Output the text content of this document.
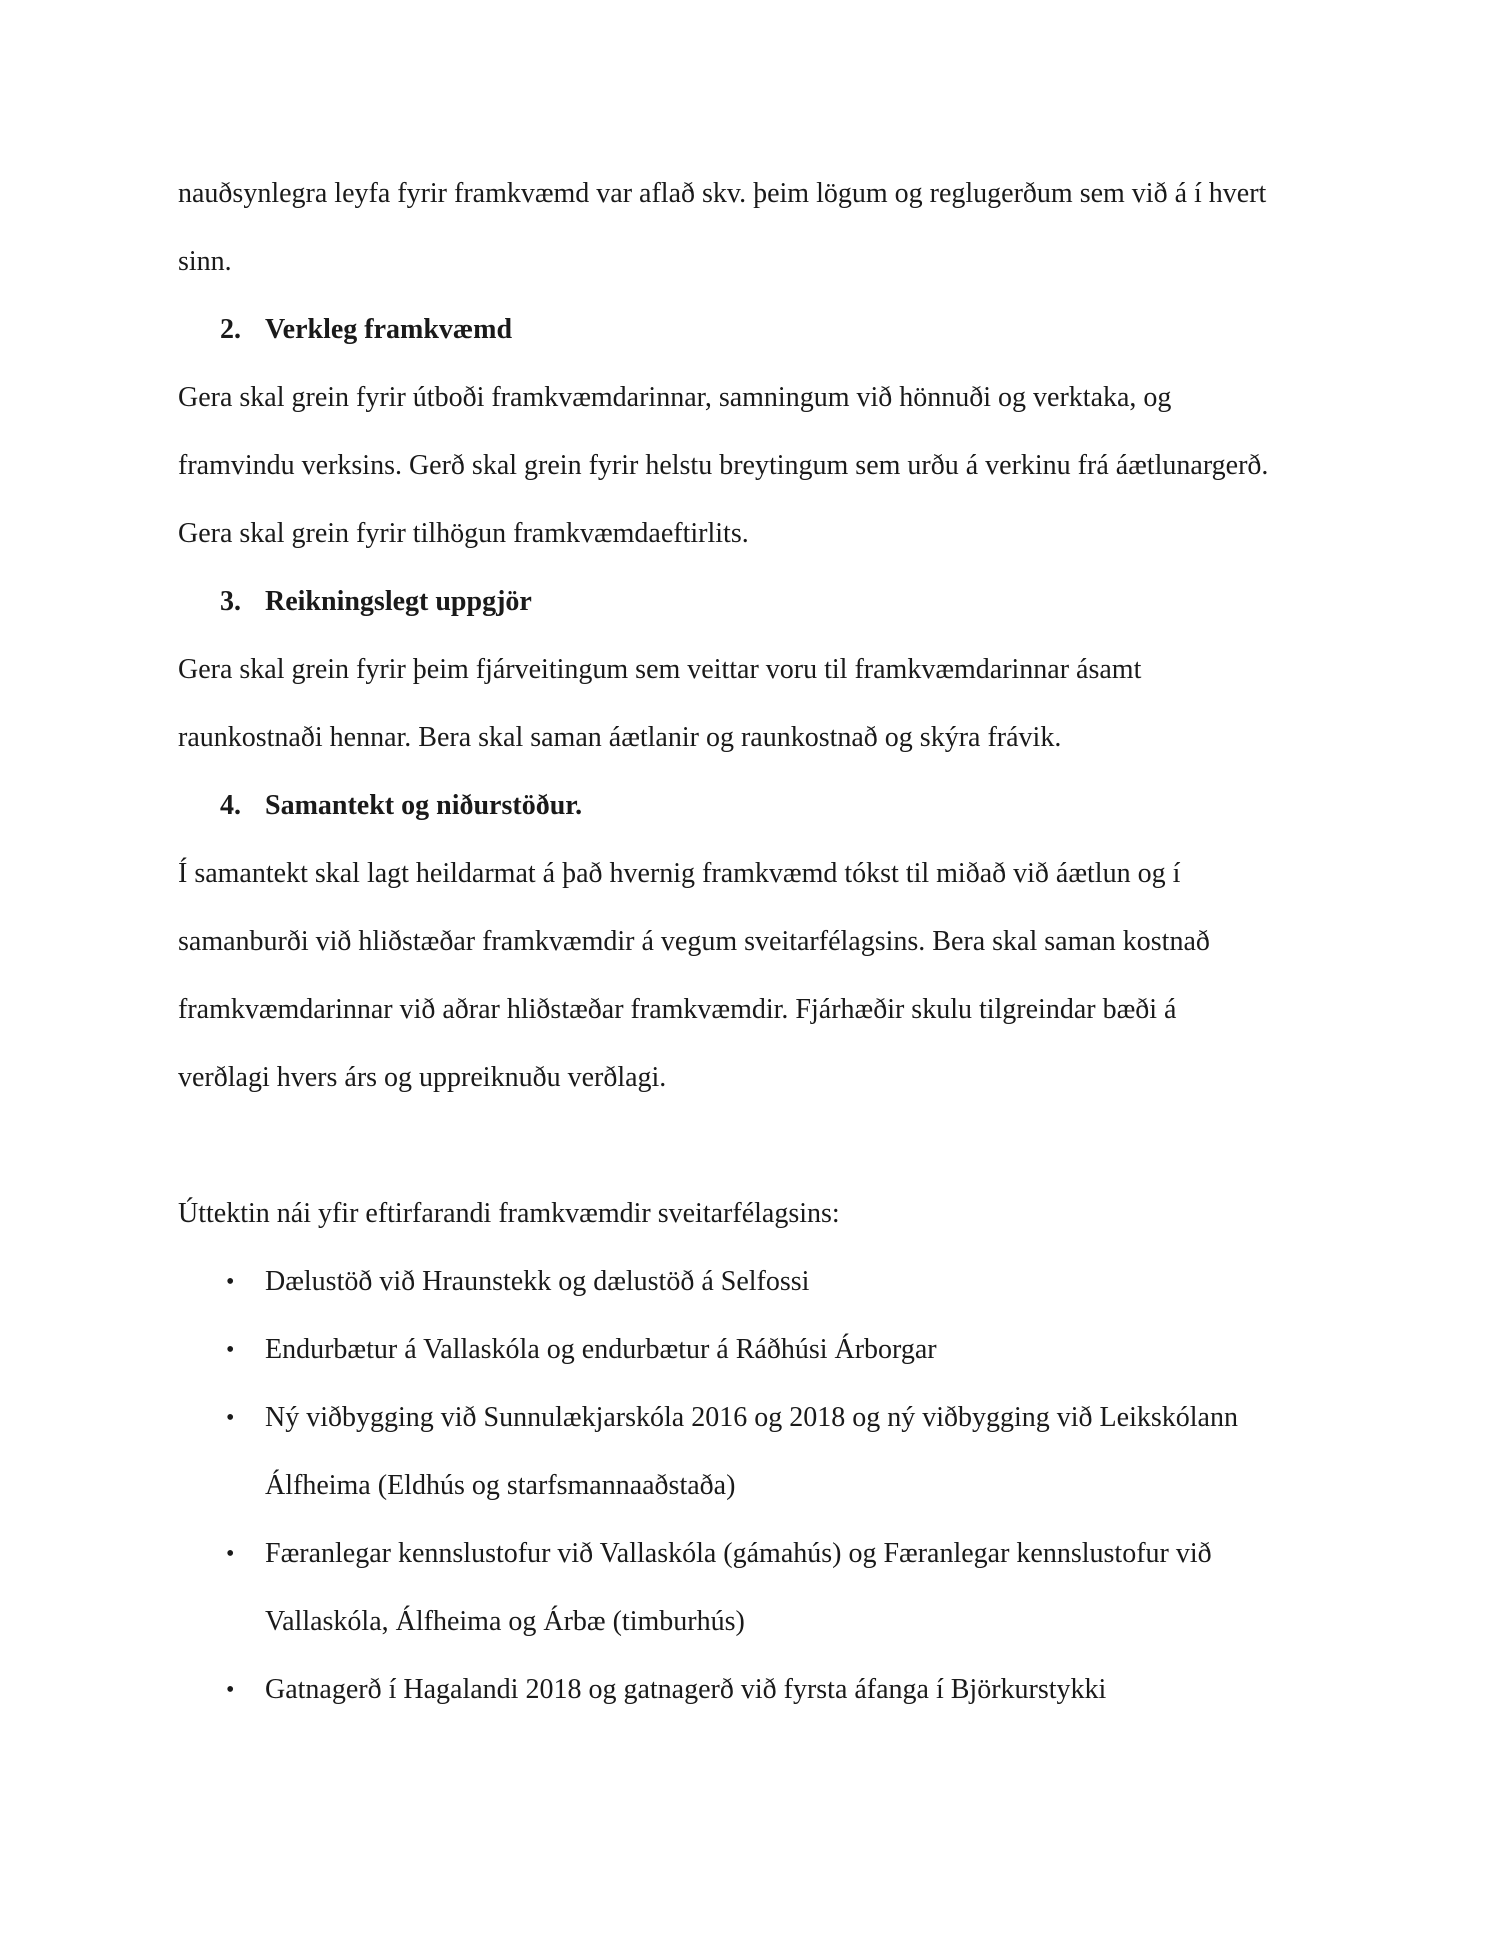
nauðsynlegra leyfa fyrir framkvæmd var aflað skv. þeim lögum og reglugerðum sem við á í hvert

sinn.

2. Verkleg framkvæmd

Gera skal grein fyrir útboði framkvæmdarinnar, samningum við hönnuði og verktaka, og

framvindu verksins. Gerð skal grein fyrir helstu breytingum sem urðu á verkinu frá áætlunargerð.

Gera skal grein fyrir tilhögun framkvæmdaeftirlits.

3. Reikningslegt uppgjör

Gera skal grein fyrir þeim fjárveitingum sem veittar voru til framkvæmdarinnar ásamt

raunkostnaði hennar. Bera skal saman áætlanir og raunkostnað og skýra frávik.

4. Samantekt og niðurstöður.

Í samantekt skal lagt heildarmat á það hvernig framkvæmd tókst til miðað við áætlun og í

samanburði við hliðstæðar framkvæmdir á vegum sveitarfélagsins. Bera skal saman kostnað

framkvæmdarinnar við aðrar hliðstæðar framkvæmdir. Fjárhæðir skulu tilgreindar bæði á

verðlagi hvers árs og uppreiknuðu verðlagi.

Úttektin nái yfir eftirfarandi framkvæmdir sveitarfélagsins:

• Dælustöð við Hraunstekk og dælustöð á Selfossi

• Endurbætur á Vallaskóla og endurbætur á Ráðhúsi Árborgar

• Ný viðbygging við Sunnulækjarskóla 2016 og 2018 og ný viðbygging við Leikskólann

Álfheima (Eldhús og starfsmannaaðstaða)

• Færanlegar kennslustofur við Vallaskóla (gámahús) og Færanlegar kennslustofur við

Vallaskóla, Álfheima og Árbæ (timburhús)

• Gatnagerð í Hagalandi 2018 og gatnagerð við fyrsta áfanga í Björkurstykki
